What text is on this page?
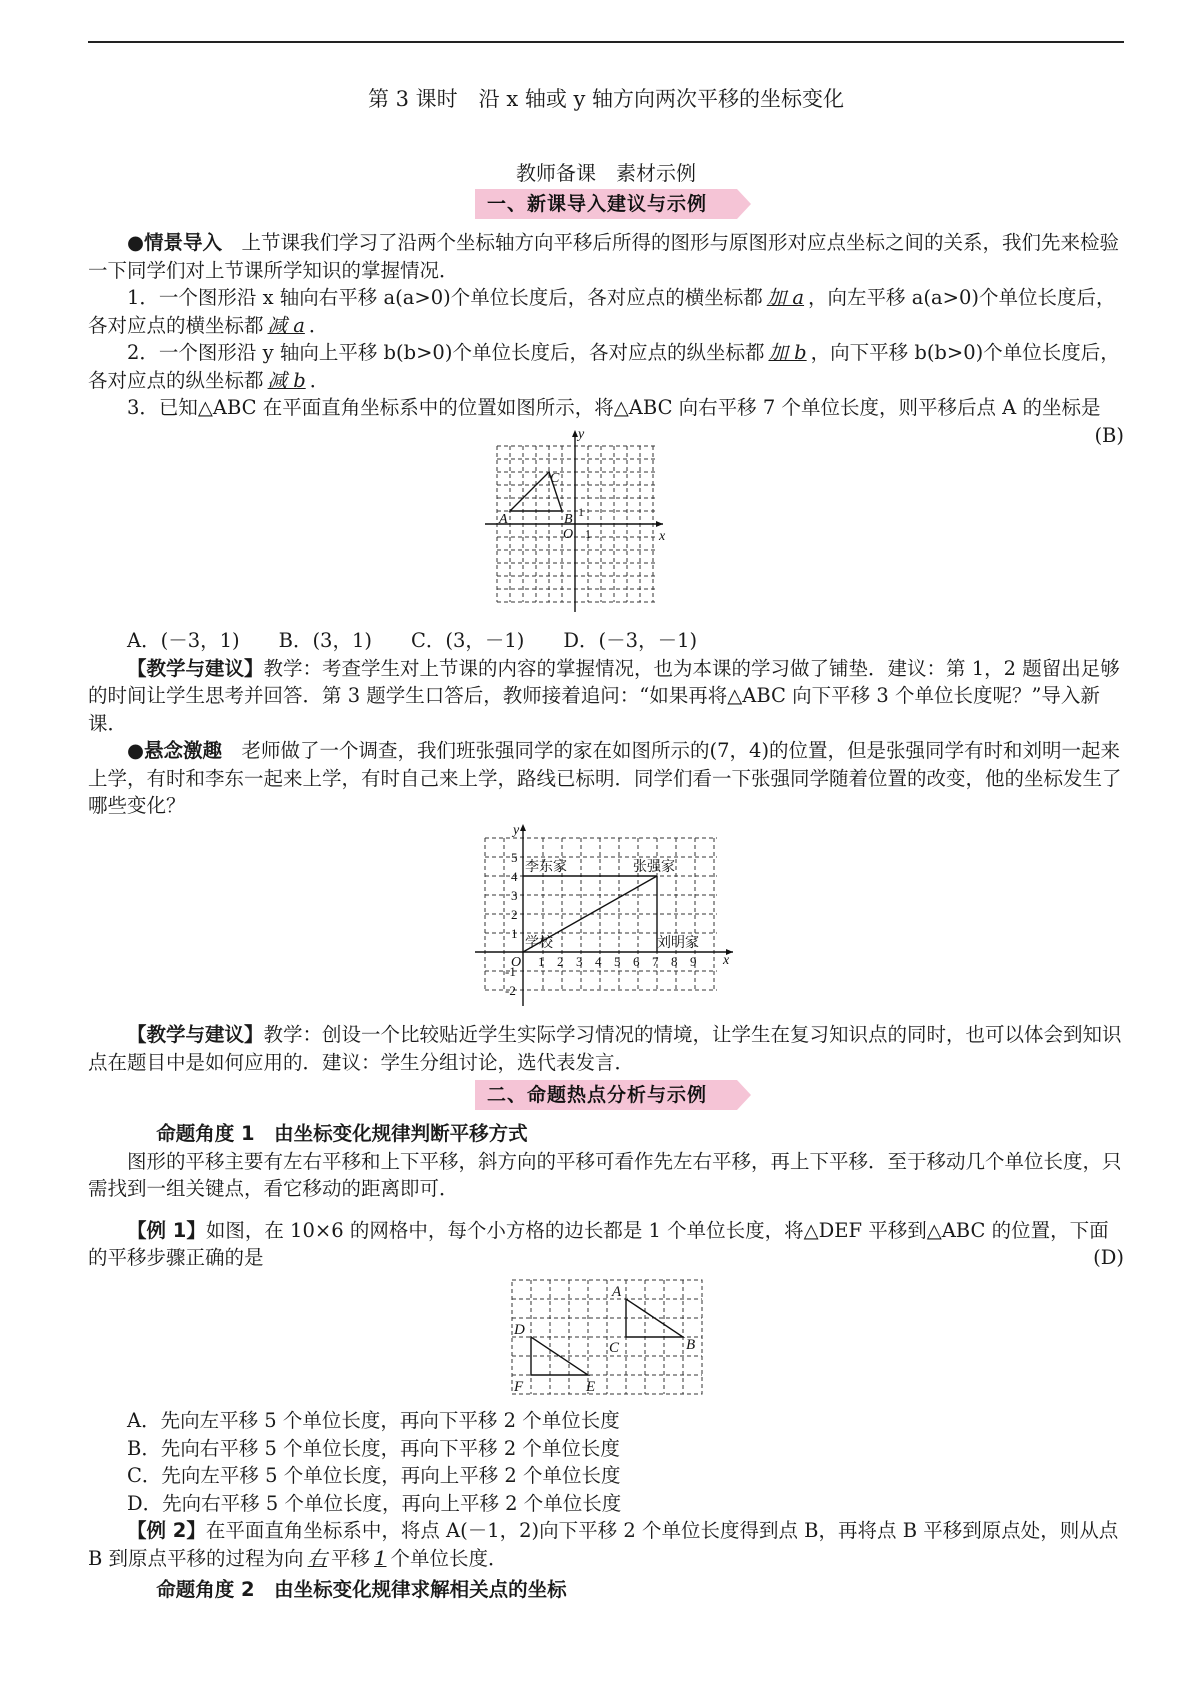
第 3 课时　沿 x 轴或 y 轴方向两次平移的坐标变化
教师备课　素材示例
一、新课导入建议与示例

●情景导入　 上节课我们学习了沿两个坐标轴方向平移后所得的图形与原图形对应点坐标之间的关系，我们先来检验一下同学们对上节课所学知识的掌握情况．

1．一个图形沿 x 轴向右平移 a(a>0)个单位长度后，各对应点的横坐标都 加 a ，向左平移 a(a>0)个单位长度后，各对应点的横坐标都 减 a ．

2．一个图形沿 y 轴向上平移 b(b>0)个单位长度后，各对应点的纵坐标都 加 b ，向下平移 b(b>0)个单位长度后，各对应点的纵坐标都 减 b ．

3．已知△ABC 在平面直角坐标系中的位置如图所示，将△ABC 向右平移 7 个单位长度，则平移后点 A 的坐标是
(B)

y
x
A	B
C
O 1
1

A．(－3，1)　　B．(3，1)　　C．(3，－1)　　D．(－3，－1)

【教学与建议】教学：考查学生对上节课的内容的掌握情况，也为本课的学习做了铺垫．建议：第 1，2 题留出足够的时间让学生思考并回答．第 3 题学生口答后，教师接着追问：“如果再将△ABC 向下平移 3 个单位长度呢？”导入新课．

●悬念激趣　 老师做了一个调查，我们班张强同学的家在如图所示的(7，4)的位置，但是张强同学有时和刘明一起来上学，有时和李东一起来上学，有时自己来上学，路线已标明．同学们看一下张强同学随着位置的改变，他的坐标发生了哪些变化？

y
x
O 1 2 3 4 5 6 7 8 9
1
2
3
4
5
-1
-2
李东家	张强家
学校	刘明家

【教学与建议】教学：创设一个比较贴近学生实际学习情况的情境，让学生在复习知识点的同时，也可以体会到知识点在题目中是如何应用的．建议：学生分组讨论，选代表发言．

二、命题热点分析与示例

命题角度 1　由坐标变化规律判断平移方式

图形的平移主要有左右平移和上下平移，斜方向的平移可看作先左右平移，再上下平移．至于移动几个单位长度，只需找到一组关键点，看它移动的距离即可．

【例 1】如图，在 10×6 的网格中，每个小方格的边长都是 1 个单位长度，将△DEF 平移到△ABC 的位置，下面的平移步骤正确的是	(D)

D
F	E
A
C	B

A．先向左平移 5 个单位长度，再向下平移 2 个单位长度

B．先向右平移 5 个单位长度，再向下平移 2 个单位长度

C．先向左平移 5 个单位长度，再向上平移 2 个单位长度

D．先向右平移 5 个单位长度，再向上平移 2 个单位长度

【例 2】在平面直角坐标系中，将点 A(－1，2)向下平移 2 个单位长度得到点 B，再将点 B 平移到原点处，则从点 B 到原点平移的过程为向 右 平移 1 个单位长度．

命题角度 2　由坐标变化规律求解相关点的坐标
